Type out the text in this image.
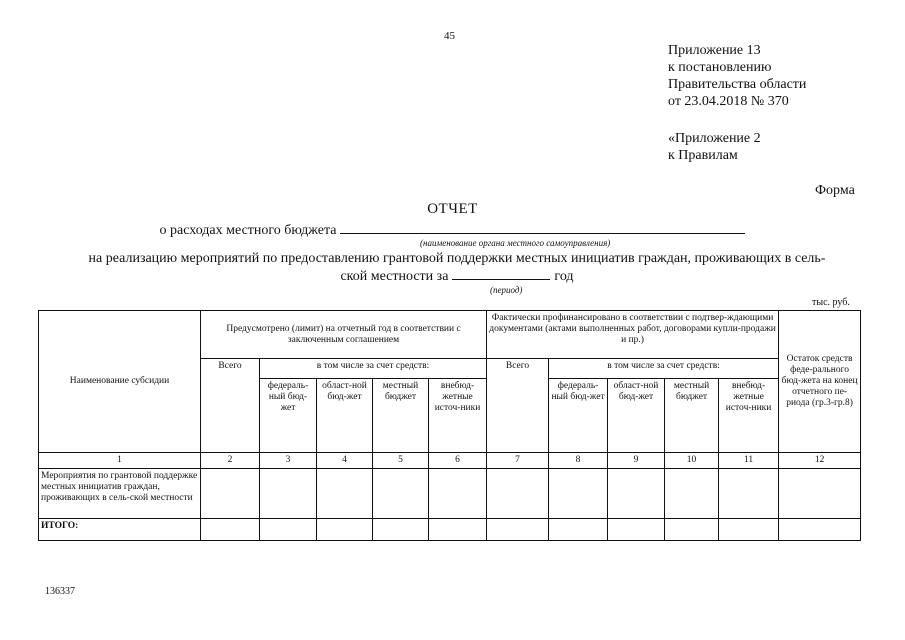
45
Приложение 13
к постановлению
Правительства области
от 23.04.2018 № 370
«Приложение 2
к Правилам
Форма
ОТЧЕТ
о расходах местного бюджета
(наименование органа местного самоуправления)
на реализацию мероприятий по предоставлению грантовой поддержки местных инициатив граждан, проживающих в сель-
ской местности за	год
(период)
тыс. руб.
Наименование субсидии	Предусмотрено (лимит) на отчетный год в соответствии с заключенным соглашением					Фактически профинансировано в соответствии с подтвер-ждающими документами (актами выполненных работ, договорами купли-продажи и пр.)					Остаток средств феде-рального бюд-жета на конец отчетного пе-риода (гр.3-гр.8)
	Всего	в том числе за счет средств:				Всего	в том числе за счет средств:				
		федераль-ный бюд-жет	област-ной бюд-жет	местный бюджет	внебюд-жетные источ-ники		федераль-ный бюд-жет	област-ной бюд-жет	местный бюджет	внебюд-жетные источ-ники	
1	2	3	4	5	6	7	8	9	10	11	12
Мероприятия по грантовой поддержке местных инициатив граждан, проживающих в сель-ской местности											
ИТОГО:											
136337
